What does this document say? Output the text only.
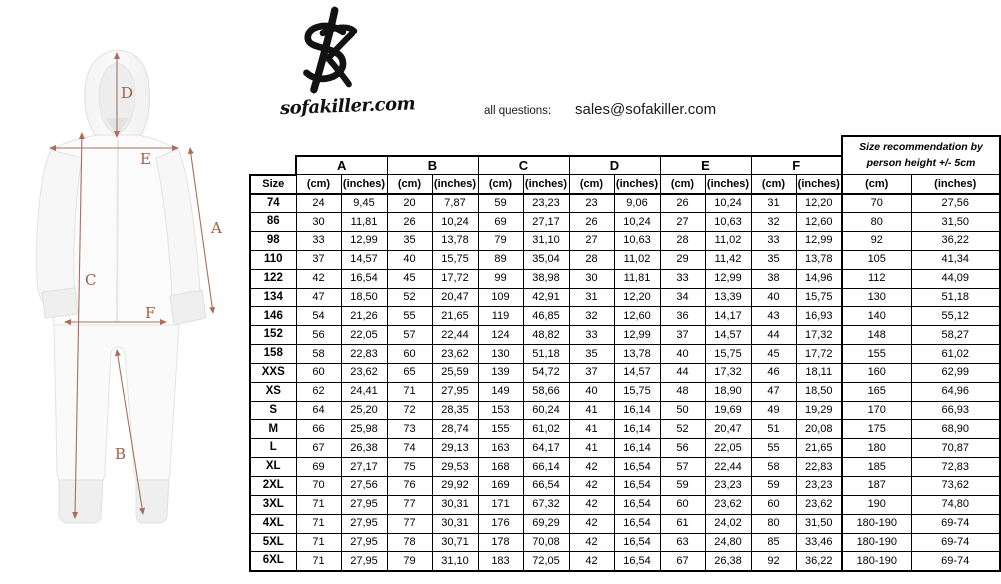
A
B
C
D
E
F
sofakiller.com	all questions: sales@sofakiller.com

													Size recommendation by
person height +/- 5cm	

	A		B		C		D		E		F			
Size	(cm)	(inches)	(cm)	(inches)	(cm)	(inches)	(cm)	(inches)	(cm)	(inches)	(cm)	(inches)	(cm)	(inches)
74	24	9,45	20	7,87	59	23,23	23	9,06	26	10,24	31	12,20	70	27,56
86	30	11,81	26	10,24	69	27,17	26	10,24	27	10,63	32	12,60	80	31,50
98	33	12,99	35	13,78	79	31,10	27	10,63	28	11,02	33	12,99	92	36,22
110	37	14,57	40	15,75	89	35,04	28	11,02	29	11,42	35	13,78	105	41,34
122	42	16,54	45	17,72	99	38,98	30	11,81	33	12,99	38	14,96	112	44,09
134	47	18,50	52	20,47	109	42,91	31	12,20	34	13,39	40	15,75	130	51,18
146	54	21,26	55	21,65	119	46,85	32	12,60	36	14,17	43	16,93	140	55,12
152	56	22,05	57	22,44	124	48,82	33	12,99	37	14,57	44	17,32	148	58,27
158	58	22,83	60	23,62	130	51,18	35	13,78	40	15,75	45	17,72	155	61,02
XXS	60	23,62	65	25,59	139	54,72	37	14,57	44	17,32	46	18,11	160	62,99
XS	62	24,41	71	27,95	149	58,66	40	15,75	48	18,90	47	18,50	165	64,96
S	64	25,20	72	28,35	153	60,24	41	16,14	50	19,69	49	19,29	170	66,93
M	66	25,98	73	28,74	155	61,02	41	16,14	52	20,47	51	20,08	175	68,90
L	67	26,38	74	29,13	163	64,17	41	16,14	56	22,05	55	21,65	180	70,87
XL	69	27,17	75	29,53	168	66,14	42	16,54	57	22,44	58	22,83	185	72,83
2XL	70	27,56	76	29,92	169	66,54	42	16,54	59	23,23	59	23,23	187	73,62
3XL	71	27,95	77	30,31	171	67,32	42	16,54	60	23,62	60	23,62	190	74,80
4XL	71	27,95	77	30,31	176	69,29	42	16,54	61	24,02	80	31,50	180-190	69-74
5XL	71	27,95	78	30,71	178	70,08	42	16,54	63	24,80	85	33,46	180-190	69-74
6XL	71	27,95	79	31,10	183	72,05	42	16,54	67	26,38	92	36,22	180-190	69-74
